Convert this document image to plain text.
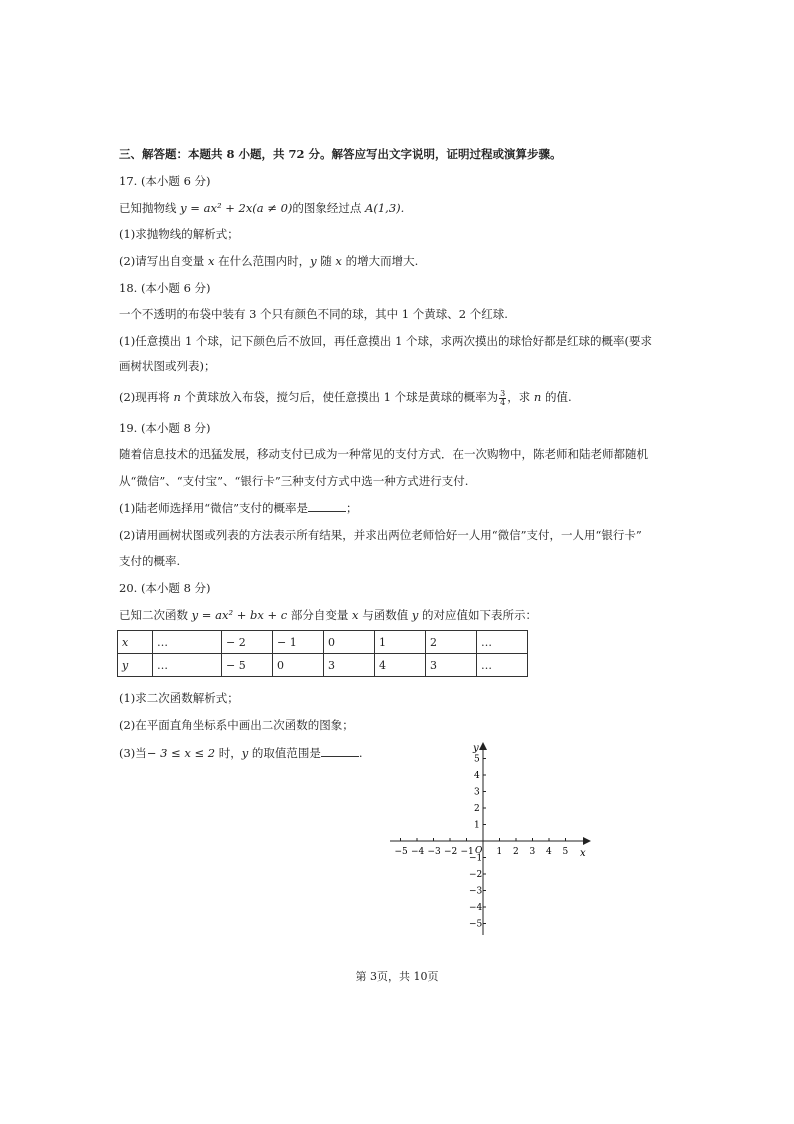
三、解答题：本题共 8 小题，共 72 分。解答应写出文字说明，证明过程或演算步骤。
17. (本小题 6 分)
已知抛物线 y = ax² + 2x(a ≠ 0)的图象经过点 A(1,3).
(1)求抛物线的解析式；
(2)请写出自变量 x 在什么范围内时，y 随 x 的增大而增大.
18. (本小题 6 分)
一个不透明的布袋中装有 3 个只有颜色不同的球，其中 1 个黄球、2 个红球.
(1)任意摸出 1 个球，记下颜色后不放回，再任意摸出 1 个球，求两次摸出的球恰好都是红球的概率(要求
画树状图或列表)；
(2)现再将 n 个黄球放入布袋，搅匀后，使任意摸出 1 个球是黄球的概率为 $\frac{3}{4}$ ，求 n 的值.
19. (本小题 8 分)
随着信息技术的迅猛发展，移动支付已成为一种常见的支付方式．在一次购物中，陈老师和陆老师都随机
从“微信”、“支付宝”、“银行卡”三种支付方式中选一种方式进行支付.
(1)陆老师选择用“微信”支付的概率是	；
(2)请用画树状图或列表的方法表示所有结果，并求出两位老师恰好一人用“微信”支付，一人用“银行卡”
支付的概率.
20. (本小题 8 分)
已知二次函数 y = ax² + bx + c 部分自变量 x 与函数值 y 的对应值如下表所示：
x	…	− 2	− 1	0	1	2	…
y	…	− 5	0	3	4	3	…
(1)求二次函数解析式；
(2)在平面直角坐标系中画出二次函数的图象；
(3)当− 3 ≤ x ≤ 2 时，y 的取值范围是	.
−5 −4 −3 −2 −1	1 2 3 4 5
5
4
3
2
1
−1
−2
−3
−4
−5
x
y
O
第 3页，共 10页
